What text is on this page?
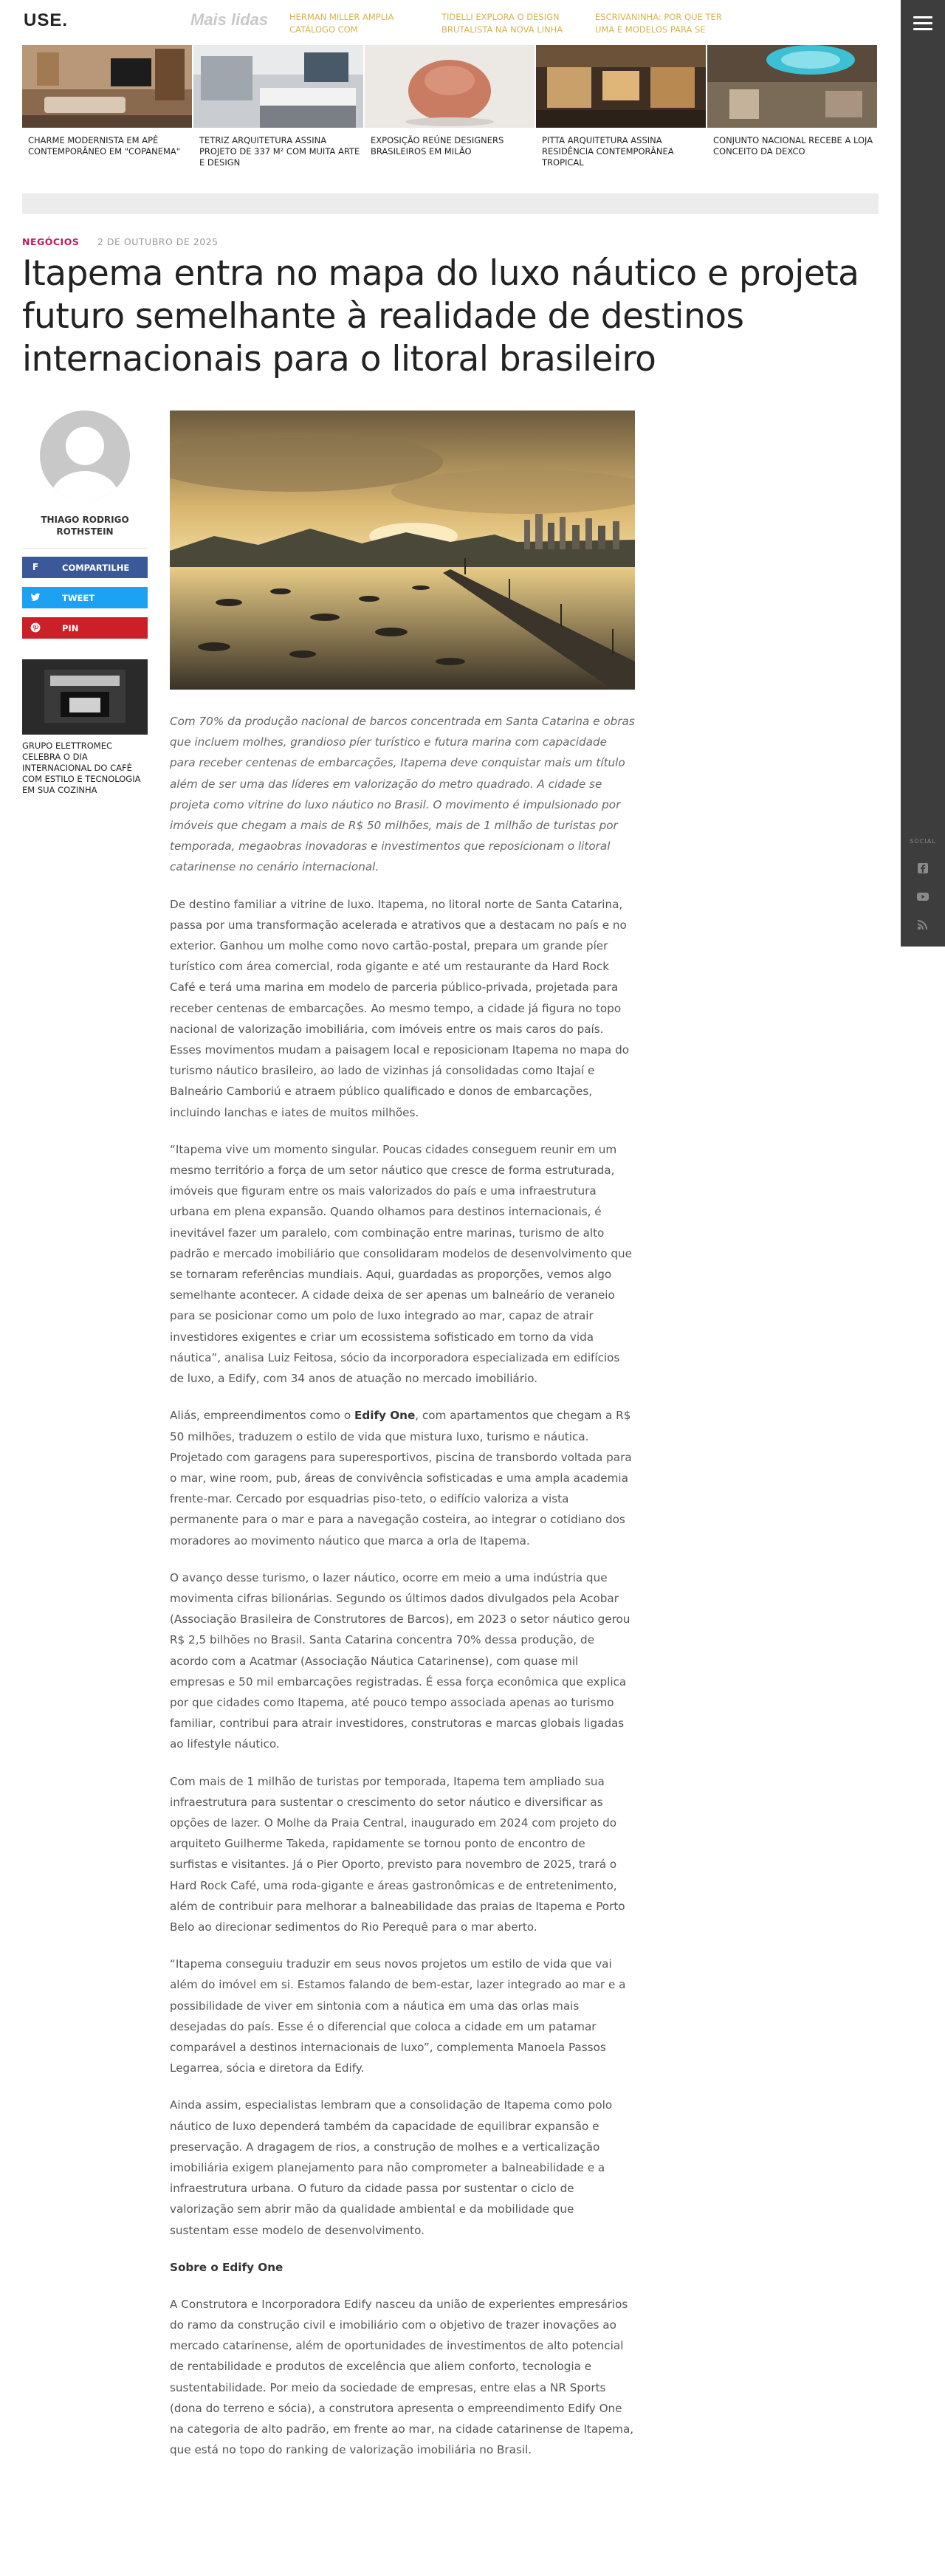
USE.	Mais lidas	HERMAN MILLER AMPLIA CATÁLOGO COM
TIDELLI EXPLORA O DESIGN BRUTALISTA NA NOVA LINHA
ESCRIVANINHA: POR QUE TER UMA E MODELOS PARA SE
SOCIAL
CHARME MODERNISTA EM APÊ CONTEMPORÂNEO EM "COPANEMA"
TETRIZ ARQUITETURA ASSINA PROJETO DE 337 M² COM MUITA ARTE E DESIGN
EXPOSIÇÃO REÚNE DESIGNERS BRASILEIROS EM MILÃO
PITTA ARQUITETURA ASSINA RESIDÊNCIA CONTEMPORÂNEA TROPICAL
CONJUNTO NACIONAL RECEBE A LOJA CONCEITO DA DEXCO
NEGÓCIOS 2 DE OUTUBRO DE 2025
Itapema entra no mapa do luxo náutico e projeta futuro semelhante à realidade de destinos internacionais para o litoral brasileiro
THIAGO RODRIGO ROTHSTEIN
F	COMPARTILHE
TWEET
PIN
GRUPO ELETTROMEC CELEBRA O DIA INTERNACIONAL DO CAFÉ COM ESTILO E TECNOLOGIA EM SUA COZINHA

Com 70% da produção nacional de barcos concentrada em Santa Catarina e obras que incluem molhes, grandioso píer turístico e futura marina com capacidade para receber centenas de embarcações, Itapema deve conquistar mais um título além de ser uma das líderes em valorização do metro quadrado. A cidade se projeta como vitrine do luxo náutico no Brasil. O movimento é impulsionado por imóveis que chegam a mais de R$ 50 milhões, mais de 1 milhão de turistas por temporada, megaobras inovadoras e investimentos que reposicionam o litoral catarinense no cenário internacional.

De destino familiar a vitrine de luxo. Itapema, no litoral norte de Santa Catarina, passa por uma transformação acelerada e atrativos que a destacam no país e no exterior. Ganhou um molhe como novo cartão-postal, prepara um grande píer turístico com área comercial, roda gigante e até um restaurante da Hard Rock Café e terá uma marina em modelo de parceria público-privada, projetada para receber centenas de embarcações. Ao mesmo tempo, a cidade já figura no topo nacional de valorização imobiliária, com imóveis entre os mais caros do país. Esses movimentos mudam a paisagem local e reposicionam Itapema no mapa do turismo náutico brasileiro, ao lado de vizinhas já consolidadas como Itajaí e Balneário Camboriú e atraem público qualificado e donos de embarcações, incluindo lanchas e iates de muitos milhões.

“Itapema vive um momento singular. Poucas cidades conseguem reunir em um mesmo território a força de um setor náutico que cresce de forma estruturada, imóveis que figuram entre os mais valorizados do país e uma infraestrutura urbana em plena expansão. Quando olhamos para destinos internacionais, é inevitável fazer um paralelo, com combinação entre marinas, turismo de alto padrão e mercado imobiliário que consolidaram modelos de desenvolvimento que se tornaram referências mundiais. Aqui, guardadas as proporções, vemos algo semelhante acontecer. A cidade deixa de ser apenas um balneário de veraneio para se posicionar como um polo de luxo integrado ao mar, capaz de atrair investidores exigentes e criar um ecossistema sofisticado em torno da vida náutica”, analisa Luiz Feitosa, sócio da incorporadora especializada em edifícios de luxo, a Edify, com 34 anos de atuação no mercado imobiliário.

Aliás, empreendimentos como o Edify One, com apartamentos que chegam a R$ 50 milhões, traduzem o estilo de vida que mistura luxo, turismo e náutica. Projetado com garagens para superesportivos, piscina de transbordo voltada para o mar, wine room, pub, áreas de convivência sofisticadas e uma ampla academia frente-mar. Cercado por esquadrias piso-teto, o edifício valoriza a vista permanente para o mar e para a navegação costeira, ao integrar o cotidiano dos moradores ao movimento náutico que marca a orla de Itapema.

O avanço desse turismo, o lazer náutico, ocorre em meio a uma indústria que movimenta cifras bilionárias. Segundo os últimos dados divulgados pela Acobar (Associação Brasileira de Construtores de Barcos), em 2023 o setor náutico gerou R$ 2,5 bilhões no Brasil. Santa Catarina concentra 70% dessa produção, de acordo com a Acatmar (Associação Náutica Catarinense), com quase mil empresas e 50 mil embarcações registradas. É essa força econômica que explica por que cidades como Itapema, até pouco tempo associada apenas ao turismo familiar, contribui para atrair investidores, construtoras e marcas globais ligadas ao lifestyle náutico.

Com mais de 1 milhão de turistas por temporada, Itapema tem ampliado sua infraestrutura para sustentar o crescimento do setor náutico e diversificar as opções de lazer. O Molhe da Praia Central, inaugurado em 2024 com projeto do arquiteto Guilherme Takeda, rapidamente se tornou ponto de encontro de surfistas e visitantes. Já o Pier Oporto, previsto para novembro de 2025, trará o Hard Rock Café, uma roda-gigante e áreas gastronômicas e de entretenimento, além de contribuir para melhorar a balneabilidade das praias de Itapema e Porto Belo ao direcionar sedimentos do Rio Perequê para o mar aberto.

“Itapema conseguiu traduzir em seus novos projetos um estilo de vida que vai além do imóvel em si. Estamos falando de bem-estar, lazer integrado ao mar e a possibilidade de viver em sintonia com a náutica em uma das orlas mais desejadas do país. Esse é o diferencial que coloca a cidade em um patamar comparável a destinos internacionais de luxo”, complementa Manoela Passos Legarrea, sócia e diretora da Edify.

Ainda assim, especialistas lembram que a consolidação de Itapema como polo náutico de luxo dependerá também da capacidade de equilibrar expansão e preservação. A dragagem de rios, a construção de molhes e a verticalização imobiliária exigem planejamento para não comprometer a balneabilidade e a infraestrutura urbana. O futuro da cidade passa por sustentar o ciclo de valorização sem abrir mão da qualidade ambiental e da mobilidade que sustentam esse modelo de desenvolvimento.

Sobre o Edify One

A Construtora e Incorporadora Edify nasceu da união de experientes empresários do ramo da construção civil e imobiliário com o objetivo de trazer inovações ao mercado catarinense, além de oportunidades de investimentos de alto potencial de rentabilidade e produtos de excelência que aliem conforto, tecnologia e sustentabilidade. Por meio da sociedade de empresas, entre elas a NR Sports (dona do terreno e sócia), a construtora apresenta o empreendimento Edify One na categoria de alto padrão, em frente ao mar, na cidade catarinense de Itapema, que está no topo do ranking de valorização imobiliária no Brasil.
